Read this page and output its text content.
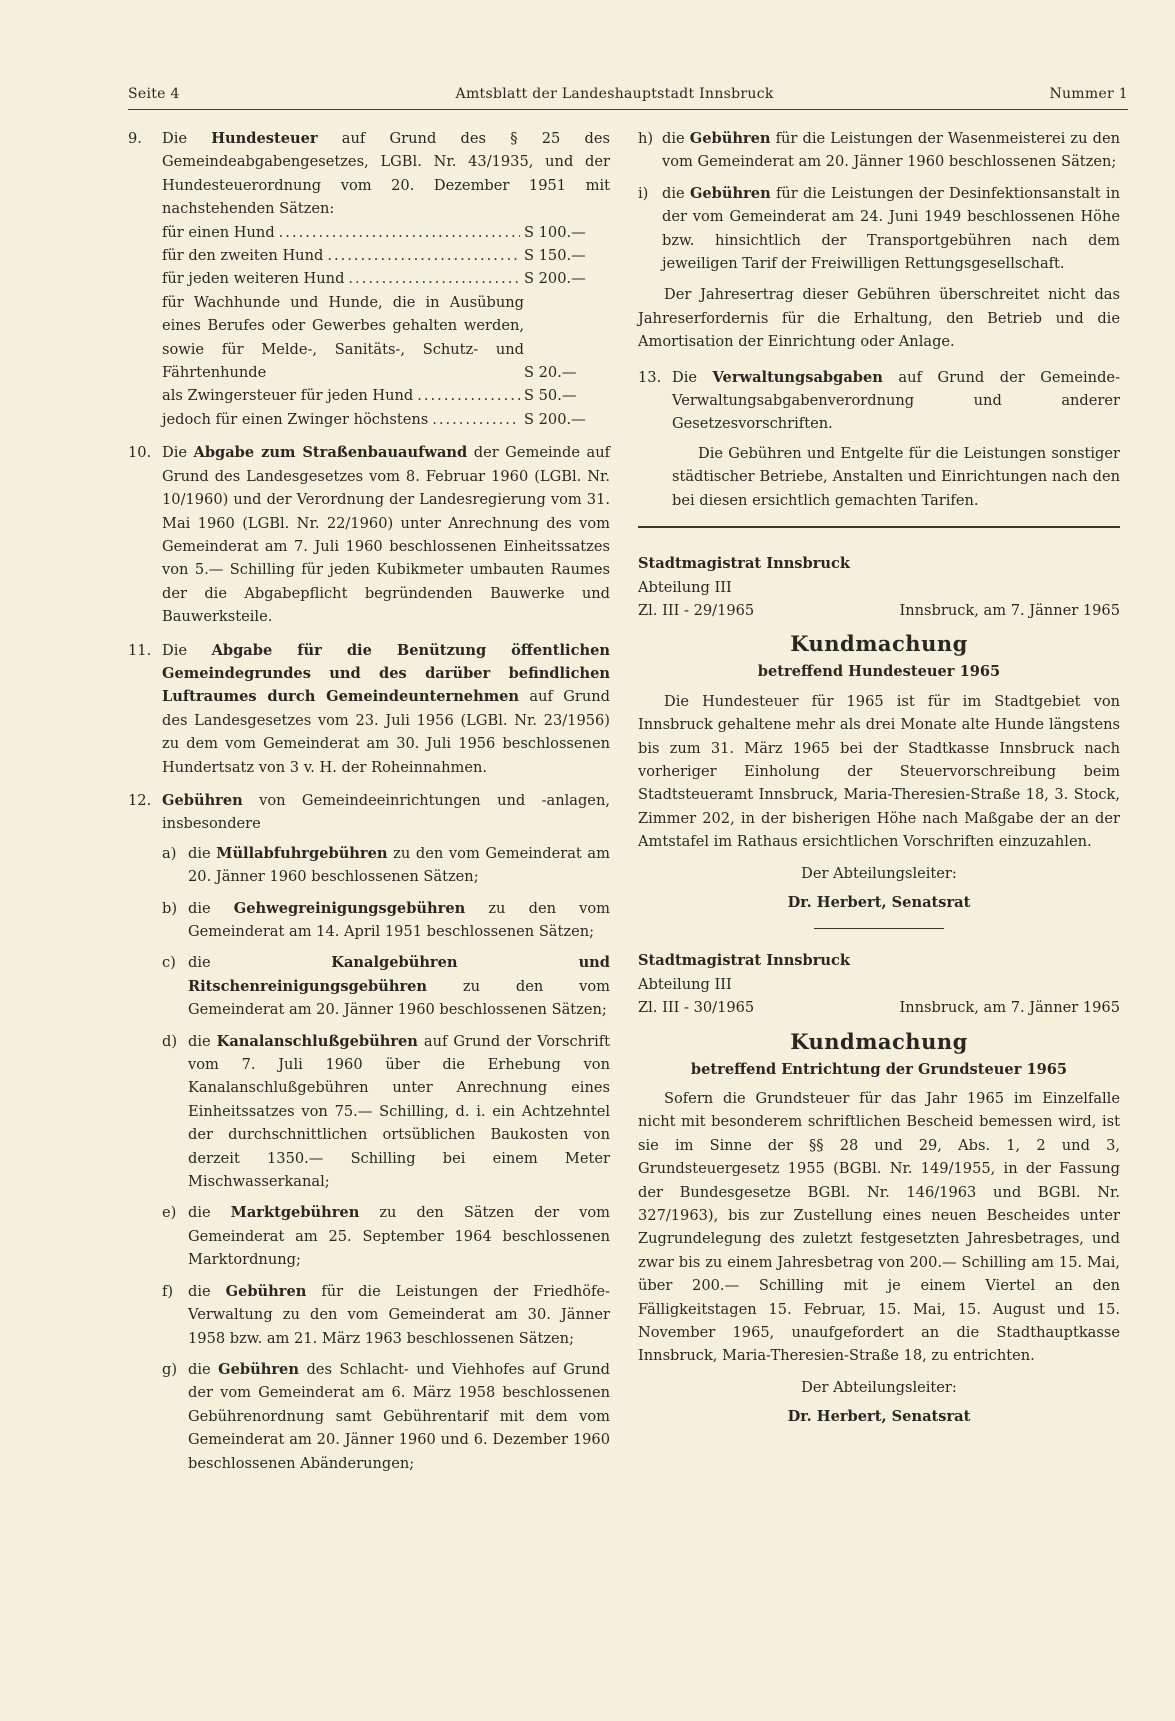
Seite 4	Amtsblatt der Landeshauptstadt Innsbruck	Nummer 1
9. Die Hundesteuer auf Grund des § 25 des Gemeindeabgabengesetzes, LGBl. Nr. 43/1935, und der Hundesteuerordnung vom 20. Dezember 1951 mit nachstehenden Sätzen:

für einen Hund .....	S 100.—
für den zweiten Hund .....	S 150.—
für jeden weiteren Hund .....	S 200.—
für Wachhunde und Hunde, die in Ausübung eines Berufes oder Gewerbes gehalten werden, sowie für Melde-, Sanitäts-, Schutz- und Fährtenhunde	S 20.—
als Zwingersteuer für jeden Hund .....	S 50.—
jedoch für einen Zwinger höchstens .....	S 200.—
10. Die Abgabe zum Straßenbauaufwand der Gemeinde auf Grund des Landesgesetzes vom 8. Februar 1960 (LGBl. Nr. 10/1960) und der Verordnung der Landesregierung vom 31. Mai 1960 (LGBl. Nr. 22/1960) unter Anrechnung des vom Gemeinderat am 7. Juli 1960 beschlossenen Einheitssatzes von 5.— Schilling für jeden Kubikmeter umbauten Raumes der die Abgabepflicht begründenden Bauwerke und Bauwerksteile.

11. Die Abgabe für die Benützung öffentlichen Gemeindegrundes und des darüber befindlichen Luftraumes durch Gemeindeunternehmen auf Grund des Landesgesetzes vom 23. Juli 1956 (LGBl. Nr. 23/1956) zu dem vom Gemeinderat am 30. Juli 1956 beschlossenen Hundertsatz von 3 v. H. der Roheinnahmen.

12. Gebühren von Gemeindeeinrichtungen und -anlagen, insbesondere

a) die Müllabfuhrgebühren zu den vom Gemeinderat am 20. Jänner 1960 beschlossenen Sätzen;
b) die Gehwegreinigungsgebühren zu den vom Gemeinderat am 14. April 1951 beschlossenen Sätzen;
c) die Kanalgebühren und Ritschenreinigungsgebühren zu den vom Gemeinderat am 20. Jänner 1960 beschlossenen Sätzen;
d) die Kanalanschlußgebühren auf Grund der Vorschrift vom 7. Juli 1960 über die Erhebung von Kanalanschlußgebühren unter Anrechnung eines Einheitssatzes von 75.— Schilling, d. i. ein Achtzehntel der durchschnittlichen ortsüblichen Baukosten von derzeit 1350.— Schilling bei einem Meter Mischwasserkanal;
e) die Marktgebühren zu den Sätzen der vom Gemeinderat am 25. September 1964 beschlossenen Marktordnung;
f) die Gebühren für die Leistungen der Friedhöfe-Verwaltung zu den vom Gemeinderat am 30. Jänner 1958 bzw. am 21. März 1963 beschlossenen Sätzen;
g) die Gebühren des Schlacht- und Viehhofes auf Grund der vom Gemeinderat am 6. März 1958 beschlossenen Gebührenordnung samt Gebührentarif mit dem vom Gemeinderat am 20. Jänner 1960 und 6. Dezember 1960 beschlossenen Abänderungen;
h) die Gebühren für die Leistungen der Wasenmeisterei zu den vom Gemeinderat am 20. Jänner 1960 beschlossenen Sätzen;
i) die Gebühren für die Leistungen der Desinfektionsanstalt in der vom Gemeinderat am 24. Juni 1949 beschlossenen Höhe bzw. hinsichtlich der Transportgebühren nach dem jeweiligen Tarif der Freiwilligen Rettungsgesellschaft.

Der Jahresertrag dieser Gebühren überschreitet nicht das Jahreserfordernis für die Erhaltung, den Betrieb und die Amortisation der Einrichtung oder Anlage.

13. Die Verwaltungsabgaben auf Grund der Gemeinde-Verwaltungsabgabenverordnung und anderer Gesetzesvorschriften.

Die Gebühren und Entgelte für die Leistungen sonstiger städtischer Betriebe, Anstalten und Einrichtungen nach den bei diesen ersichtlich gemachten Tarifen.

Stadtmagistrat Innsbruck

Abteilung III

Zl. III - 29/1965	Innsbruck, am 7. Jänner 1965

Kundmachung

betreffend Hundesteuer 1965

Die Hundesteuer für 1965 ist für im Stadtgebiet von Innsbruck gehaltene mehr als drei Monate alte Hunde längstens bis zum 31. März 1965 bei der Stadtkasse Innsbruck nach vorheriger Einholung der Steuervorschreibung beim Stadtsteueramt Innsbruck, Maria-Theresien-Straße 18, 3. Stock, Zimmer 202, in der bisherigen Höhe nach Maßgabe der an der Amtstafel im Rathaus ersichtlichen Vorschriften einzuzahlen.

Der Abteilungsleiter:

Dr. Herbert, Senatsrat

Stadtmagistrat Innsbruck

Abteilung III

Zl. III - 30/1965	Innsbruck, am 7. Jänner 1965

Kundmachung

betreffend Entrichtung der Grundsteuer 1965

Sofern die Grundsteuer für das Jahr 1965 im Einzelfalle nicht mit besonderem schriftlichen Bescheid bemessen wird, ist sie im Sinne der §§ 28 und 29, Abs. 1, 2 und 3, Grundsteuergesetz 1955 (BGBl. Nr. 149/1955, in der Fassung der Bundesgesetze BGBl. Nr. 146/1963 und BGBl. Nr. 327/1963), bis zur Zustellung eines neuen Bescheides unter Zugrundelegung des zuletzt festgesetzten Jahresbetrages, und zwar bis zu einem Jahresbetrag von 200.— Schilling am 15. Mai, über 200.— Schilling mit je einem Viertel an den Fälligkeitstagen 15. Februar, 15. Mai, 15. August und 15. November 1965, unaufgefordert an die Stadthauptkasse Innsbruck, Maria-Theresien-Straße 18, zu entrichten.

Der Abteilungsleiter:

Dr. Herbert, Senatsrat
